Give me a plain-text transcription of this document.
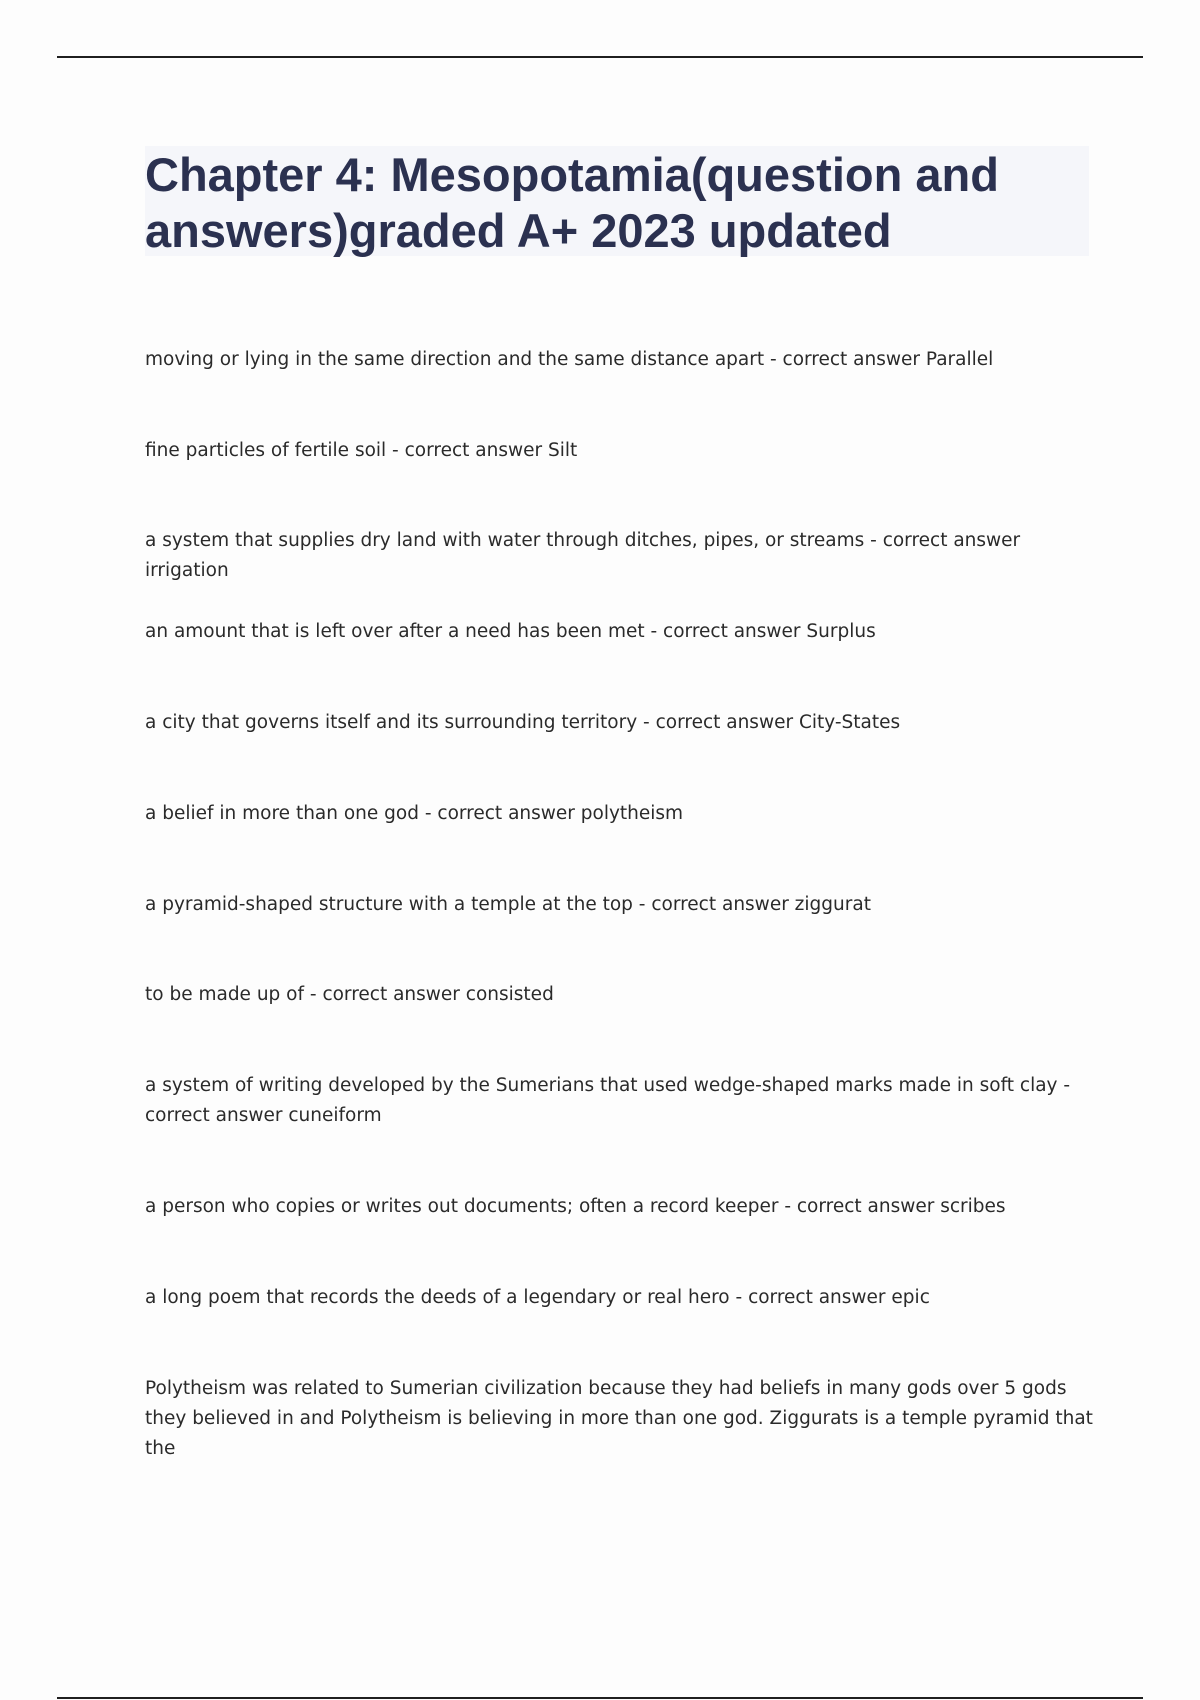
Chapter 4: Mesopotamia(question and answers)graded A+ 2023 updated
moving or lying in the same direction and the same distance apart - correct answer Parallel
fine particles of fertile soil - correct answer Silt
a system that supplies dry land with water through ditches, pipes, or streams - correct answer irrigation
an amount that is left over after a need has been met - correct answer Surplus
a city that governs itself and its surrounding territory - correct answer City-States
a belief in more than one god - correct answer polytheism
a pyramid-shaped structure with a temple at the top - correct answer ziggurat
to be made up of - correct answer consisted
a system of writing developed by the Sumerians that used wedge-shaped marks made in soft clay - correct answer cuneiform
a person who copies or writes out documents; often a record keeper - correct answer scribes
a long poem that records the deeds of a legendary or real hero - correct answer epic
Polytheism was related to Sumerian civilization because they had beliefs in many gods over 5 gods they believed in and Polytheism is believing in more than one god. Ziggurats is a temple pyramid that the
